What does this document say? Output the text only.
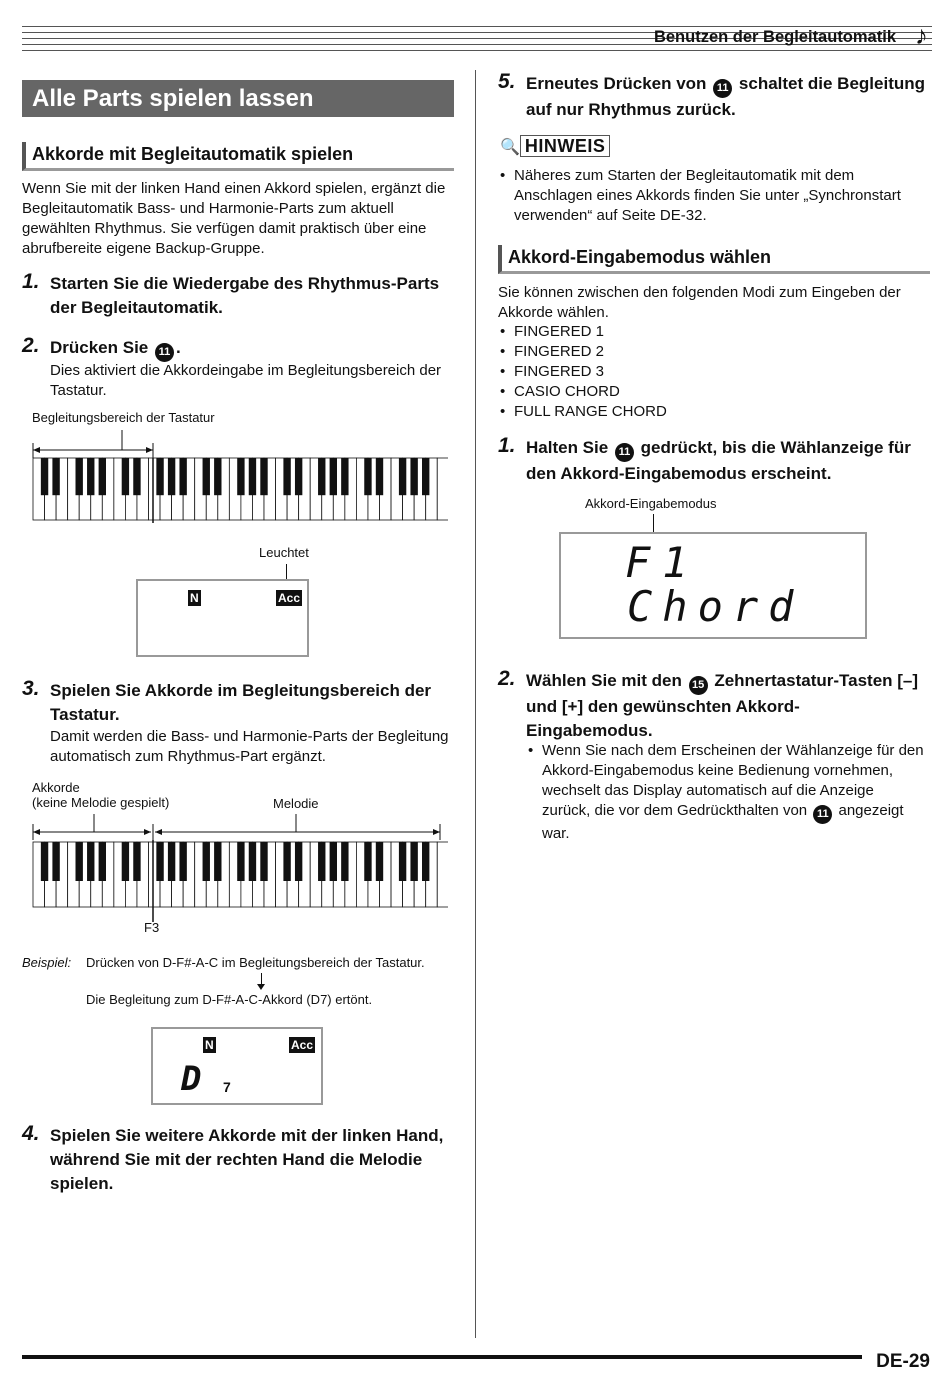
Benutzen der Begleitautomatik ♪
Alle Parts spielen lassen
Akkorde mit Begleitautomatik spielen
Wenn Sie mit der linken Hand einen Akkord spielen, ergänzt die Begleitautomatik Bass- und Harmonie-Parts zum aktuell gewählten Rhythmus. Sie verfügen damit praktisch über eine abrufbereite eigene Backup-Gruppe.
1. Starten Sie die Wiedergabe des Rhythmus-Parts der Begleitautomatik.
2. Drücken Sie 11 .
Dies aktiviert die Akkordeingabe im Begleitungsbereich der Tastatur.
Begleitungsbereich der Tastatur
Leuchtet
N	Acc
3. Spielen Sie Akkorde im Begleitungsbereich der Tastatur.
Damit werden die Bass- und Harmonie-Parts der Begleitung automatisch zum Rhythmus-Part ergänzt.
Akkorde
(keine Melodie gespielt)	Melodie
F3
Beispiel: Drücken von D-F#-A-C im Begleitungsbereich der Tastatur.
Die Begleitung zum D-F#-A-C-Akkord (D7) ertönt.
N	Acc
D 7
4. Spielen Sie weitere Akkorde mit der linken Hand, während Sie mit der rechten Hand die Melodie spielen.
5. Erneutes Drücken von 11 schaltet die Begleitung auf nur Rhythmus zurück.
🔍 HINWEIS
• Näheres zum Starten der Begleitautomatik mit dem Anschlagen eines Akkords finden Sie unter „Synchronstart verwenden“ auf Seite DE-32.
Akkord-Eingabemodus wählen
Sie können zwischen den folgenden Modi zum Eingeben der Akkorde wählen.
• FINGERED 1
• FINGERED 2
• FINGERED 3
• CASIO CHORD
• FULL RANGE CHORD
1. Halten Sie 11 gedrückt, bis die Wählanzeige für den Akkord-Eingabemodus erscheint.
Akkord-Eingabemodus
F1
Chord
2. Wählen Sie mit den 15 Zehnertastatur-Tasten [–] und [+] den gewünschten Akkord-Eingabemodus.
• Wenn Sie nach dem Erscheinen der Wählanzeige für den Akkord-Eingabemodus keine Bedienung vornehmen, wechselt das Display automatisch auf die Anzeige zurück, die vor dem Gedrückthalten von 11 angezeigt war.
DE-29
